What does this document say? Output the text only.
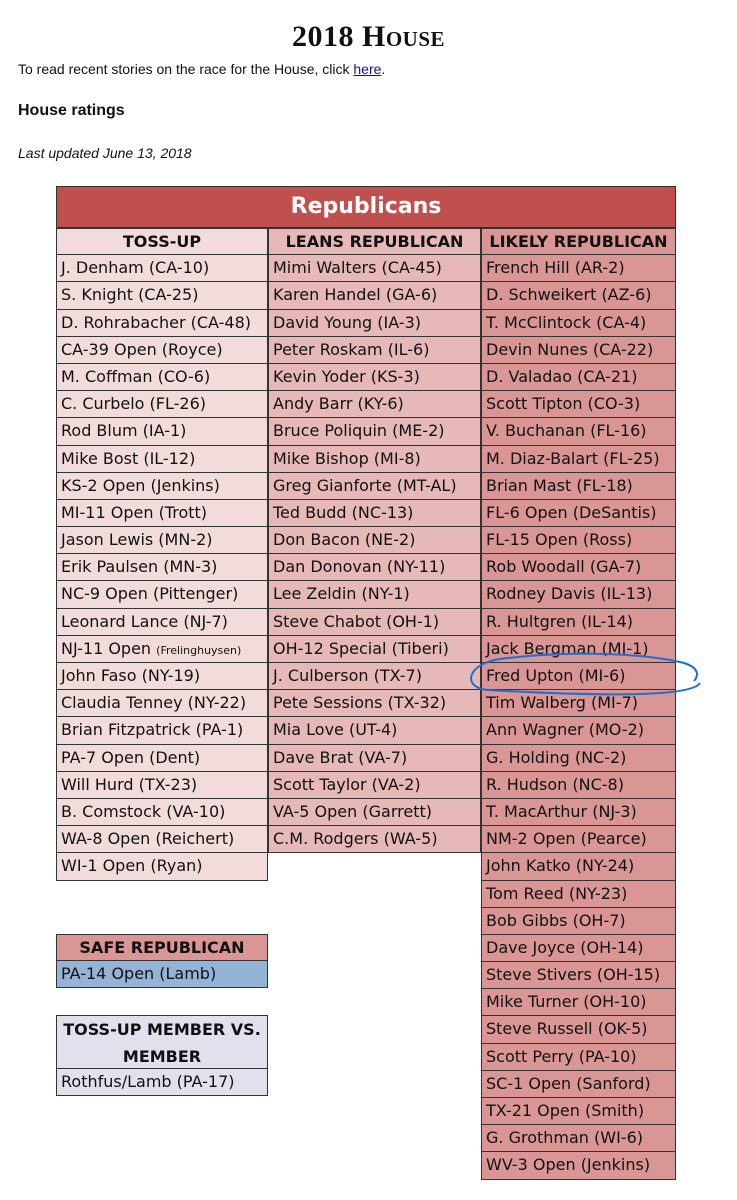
2018 House
To read recent stories on the race for the House, click here.
House ratings
Last updated June 13, 2018
Republicans
TOSS-UP
J. Denham (CA-10)
S. Knight (CA-25)
D. Rohrabacher (CA-48)
CA-39 Open (Royce)
M. Coffman (CO-6)
C. Curbelo (FL-26)
Rod Blum (IA-1)
Mike Bost (IL-12)
KS-2 Open (Jenkins)
MI-11 Open (Trott)
Jason Lewis (MN-2)
Erik Paulsen (MN-3)
NC-9 Open (Pittenger)
Leonard Lance (NJ-7)
NJ-11 Open (Frelinghuysen)
John Faso (NY-19)
Claudia Tenney (NY-22)
Brian Fitzpatrick (PA-1)
PA-7 Open (Dent)
Will Hurd (TX-23)
B. Comstock (VA-10)
WA-8 Open (Reichert)
WI-1 Open (Ryan)
LEANS REPUBLICAN
Mimi Walters (CA-45)
Karen Handel (GA-6)
David Young (IA-3)
Peter Roskam (IL-6)
Kevin Yoder (KS-3)
Andy Barr (KY-6)
Bruce Poliquin (ME-2)
Mike Bishop (MI-8)
Greg Gianforte (MT-AL)
Ted Budd (NC-13)
Don Bacon (NE-2)
Dan Donovan (NY-11)
Lee Zeldin (NY-1)
Steve Chabot (OH-1)
OH-12 Special (Tiberi)
J. Culberson (TX-7)
Pete Sessions (TX-32)
Mia Love (UT-4)
Dave Brat (VA-7)
Scott Taylor (VA-2)
VA-5 Open (Garrett)
C.M. Rodgers (WA-5)
LIKELY REPUBLICAN
French Hill (AR-2)
D. Schweikert (AZ-6)
T. McClintock (CA-4)
Devin Nunes (CA-22)
D. Valadao (CA-21)
Scott Tipton (CO-3)
V. Buchanan (FL-16)
M. Diaz-Balart (FL-25)
Brian Mast (FL-18)
FL-6 Open (DeSantis)
FL-15 Open (Ross)
Rob Woodall (GA-7)
Rodney Davis (IL-13)
R. Hultgren (IL-14)
Jack Bergman (MI-1)
Fred Upton (MI-6)
Tim Walberg (MI-7)
Ann Wagner (MO-2)
G. Holding (NC-2)
R. Hudson (NC-8)
T. MacArthur (NJ-3)
NM-2 Open (Pearce)
John Katko (NY-24)
Tom Reed (NY-23)
Bob Gibbs (OH-7)
Dave Joyce (OH-14)
Steve Stivers (OH-15)
Mike Turner (OH-10)
Steve Russell (OK-5)
Scott Perry (PA-10)
SC-1 Open (Sanford)
TX-21 Open (Smith)
G. Grothman (WI-6)
WV-3 Open (Jenkins)
SAFE REPUBLICAN
PA-14 Open (Lamb)
TOSS-UP MEMBER VS. MEMBER
Rothfus/Lamb (PA-17)
